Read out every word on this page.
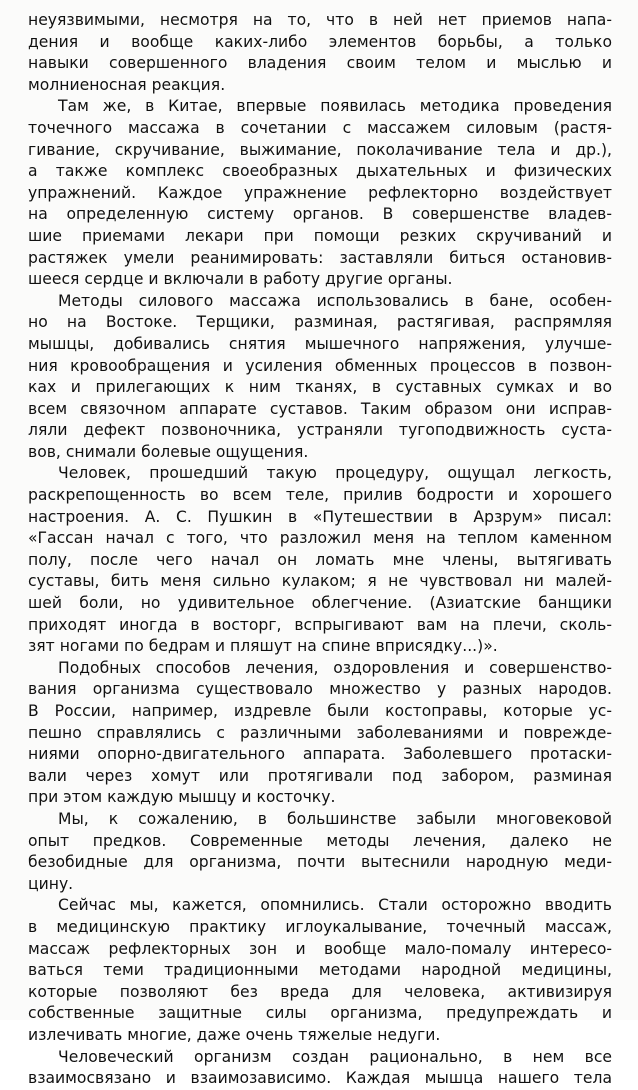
неуязвимыми, несмотря на то, что в ней нет приемов напа-
дения и вообще каких-либо элементов борьбы, а только
навыки совершенного владения своим телом и мыслью и
молниеносная реакция.
Там же, в Китае, впервые появилась методика проведения
точечного массажа в сочетании с массажем силовым (растя-
гивание, скручивание, выжимание, поколачивание тела и др.),
а также комплекс своеобразных дыхательных и физических
упражнений. Каждое упражнение рефлекторно воздействует
на определенную систему органов. В совершенстве владев-
шие приемами лекари при помощи резких скручиваний и
растяжек умели реанимировать: заставляли биться остановив-
шееся сердце и включали в работу другие органы.
Методы силового массажа использовались в бане, особен-
но на Востоке. Терщики, разминая, растягивая, распрямляя
мышцы, добивались снятия мышечного напряжения, улучше-
ния кровообращения и усиления обменных процессов в позвон-
ках и прилегающих к ним тканях, в суставных сумках и во
всем связочном аппарате суставов. Таким образом они исправ-
ляли дефект позвоночника, устраняли тугоподвижность суста-
вов, снимали болевые ощущения.
Человек, прошедший такую процедуру, ощущал легкость,
раскрепощенность во всем теле, прилив бодрости и хорошего
настроения. А. С. Пушкин в «Путешествии в Арзрум» писал:
«Гассан начал с того, что разложил меня на теплом каменном
полу, после чего начал он ломать мне члены, вытягивать
суставы, бить меня сильно кулаком; я не чувствовал ни малей-
шей боли, но удивительное облегчение. (Азиатские банщики
приходят иногда в восторг, вспрыгивают вам на плечи, сколь-
зят ногами по бедрам и пляшут на спине вприсядку...)».
Подобных способов лечения, оздоровления и совершенство-
вания организма существовало множество у разных народов.
В России, например, издревле были костоправы, которые ус-
пешно справлялись с различными заболеваниями и поврежде-
ниями опорно-двигательного аппарата. Заболевшего протаски-
вали через хомут или протягивали под забором, разминая
при этом каждую мышцу и косточку.
Мы, к сожалению, в большинстве забыли многовековой
опыт предков. Современные методы лечения, далеко не
безобидные для организма, почти вытеснили народную меди-
цину.
Сейчас мы, кажется, опомнились. Стали осторожно вводить
в медицинскую практику иглоукалывание, точечный массаж,
массаж рефлекторных зон и вообще мало-помалу интересо-
ваться теми традиционными методами народной медицины,
которые позволяют без вреда для человека, активизируя
собственные защитные силы организма, предупреждать и
излечивать многие, даже очень тяжелые недуги.
Человеческий организм создан рационально, в нем все
взаимосвязано и взаимозависимо. Каждая мышца нашего тела
